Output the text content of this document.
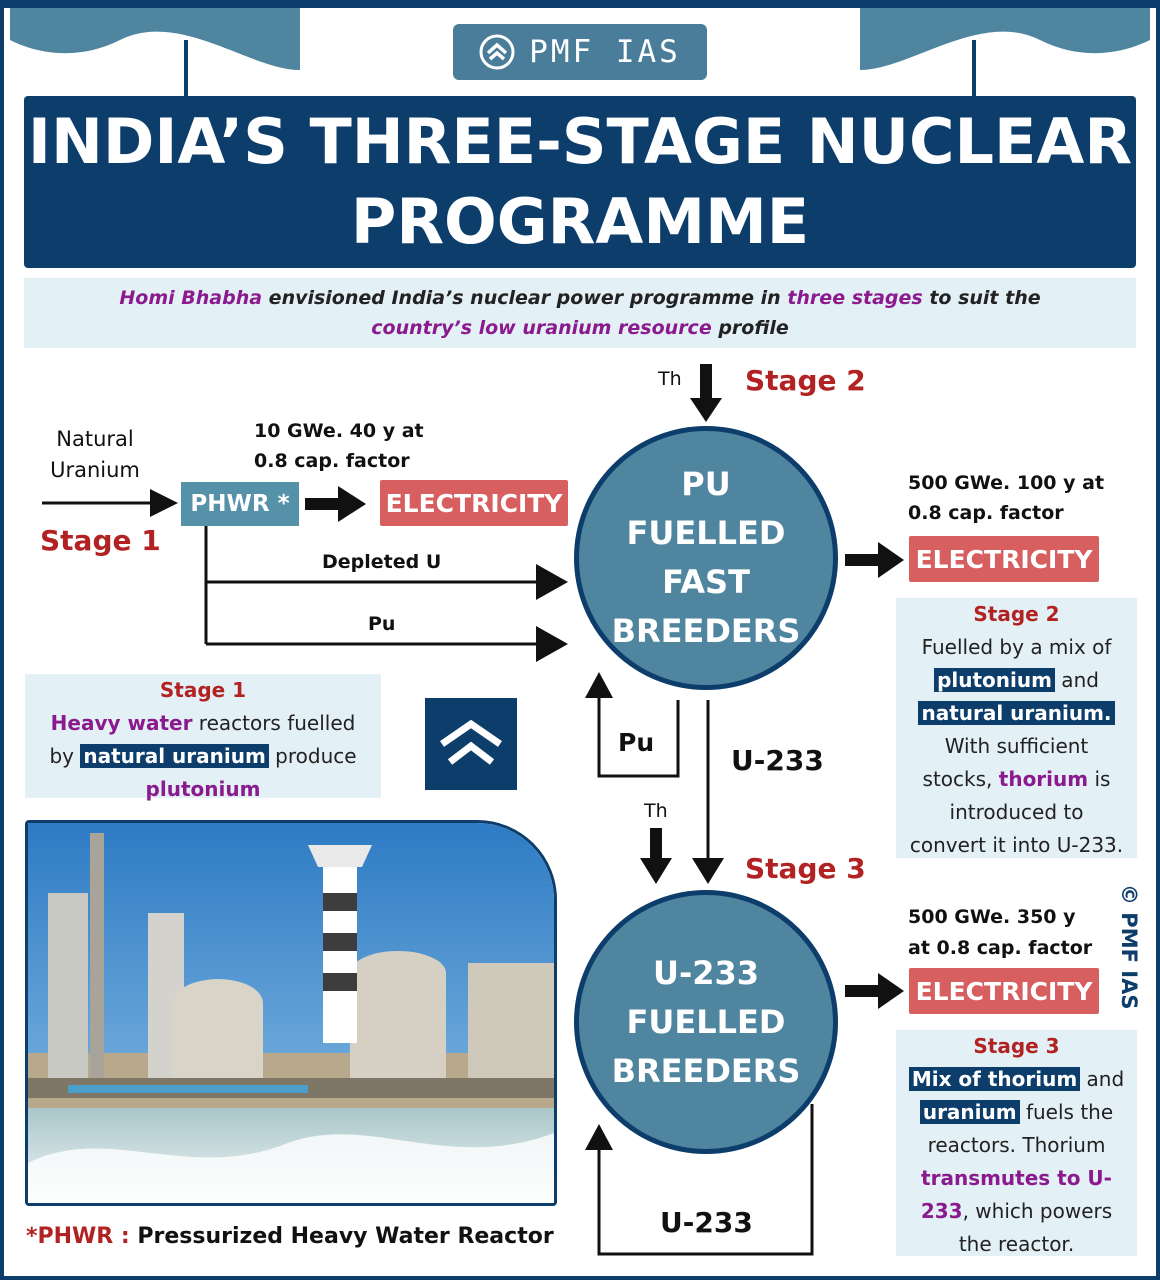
PMF IAS
INDIA’S THREE-STAGE NUCLEAR
PROGRAMME
Homi Bhabha envisioned India’s nuclear power programme in three stages to suit the
country’s low uranium resource profile
Natural
Uranium
Stage 1
PHWR *
10 GWe. 40 y at
0.8 cap. factor
ELECTRICITY
Depleted U
Pu
Th Stage 2
PU
FUELLED
FAST
BREEDERS
500 GWe. 100 y at
0.8 cap. factor
ELECTRICITY
Pu
U-233
Th
Stage 3
U-233
FUELLED
BREEDERS
500 GWe. 350 y
at 0.8 cap. factor
ELECTRICITY
U-233
Stage 1
Heavy water reactors fuelled
by natural uranium produce
plutonium
Stage 2
Fuelled by a mix of
plutonium and
natural uranium.
With sufficient
stocks, thorium is
introduced to
convert it into U-233.
Stage 3
Mix of thorium and
uranium fuels the
reactors. Thorium
transmutes to U-
233, which powers
the reactor.
*PHWR : Pressurized Heavy Water Reactor
© PMF IAS
